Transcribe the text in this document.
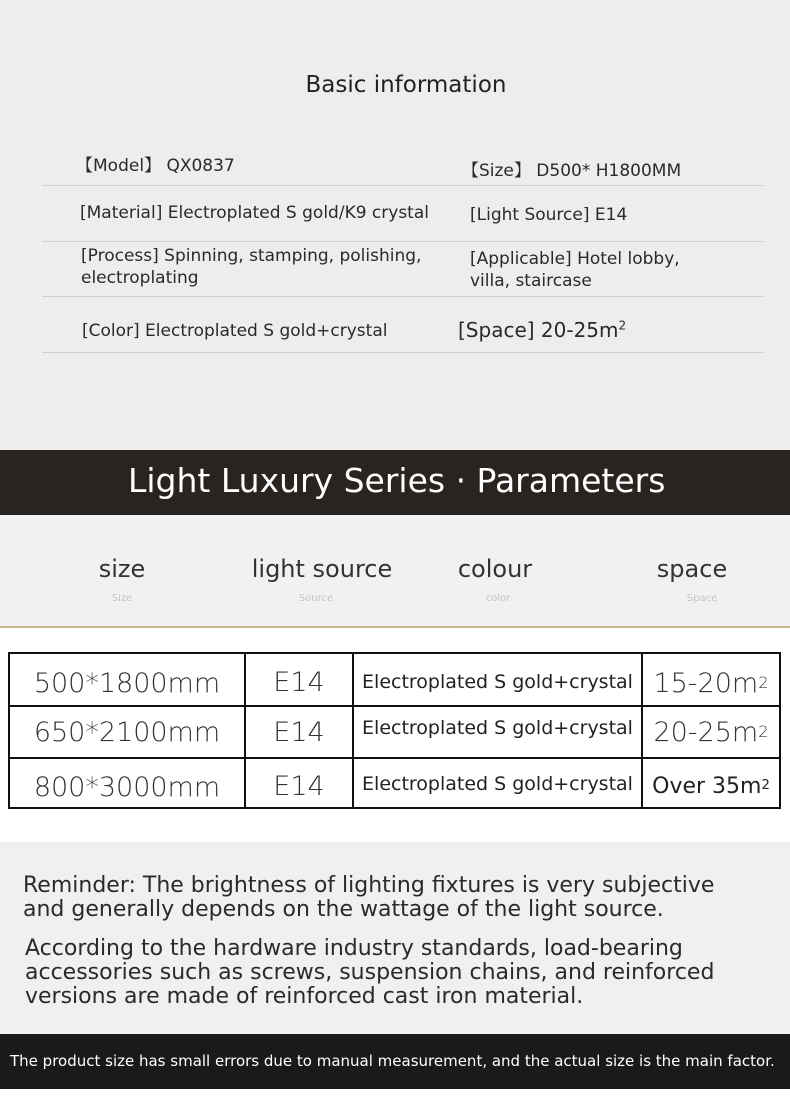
Basic information
【Model】 QX0837	【Size】 D500* H1800MM
[Material] Electroplated S gold/K9 crystal [Light Source] E14
[Process] Spinning, stamping, polishing,
electroplating
[Applicable] Hotel lobby,
villa, staircase
[Color] Electroplated S gold+crystal	[Space] $20-25m^2$
Light Luxury Series · Parameters
size
Size
light source
Source
colour
color
space
Space
500*1800mm	E14	Electroplated S gold+crystal 15-20m 2
650*2100mm	E14	Electroplated S gold+crystal 20-25m 2
800*3000mm	E14	Electroplated S gold+crystal Over 35m 2
Reminder: The brightness of lighting fixtures is very subjective
and generally depends on the wattage of the light source.
According to the hardware industry standards, load-bearing
accessories such as screws, suspension chains, and reinforced
versions are made of reinforced cast iron material.
The product size has small errors due to manual measurement, and the actual size is the main factor.
